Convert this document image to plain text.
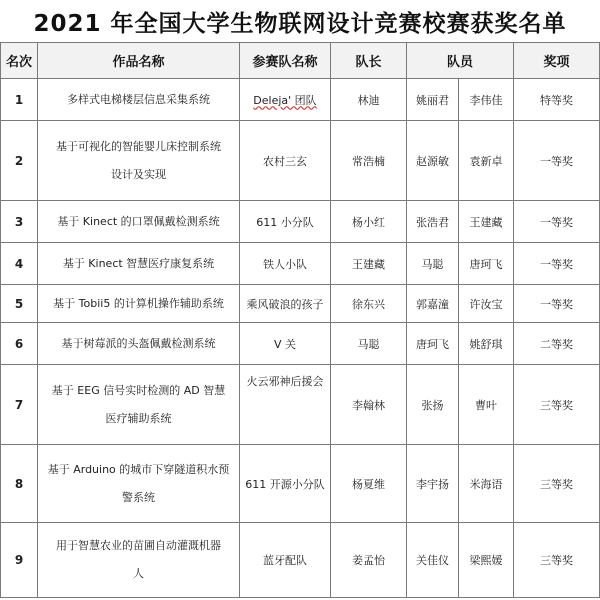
2021 年全国大学生物联网设计竞赛校赛获奖名单
名次	作品名称	参赛队名称	队长	队员		奖项
1	多样式电梯楼层信息采集系统	Deleja' 团队	林迪	姚丽君	李伟佳	特等奖
2	基于可视化的智能婴儿床控制系统
设计及实现	农村三玄	常浩楠	赵源敏	袁新卓	一等奖
3	基于 Kinect 的口罩佩戴检测系统	611 小分队	杨小红	张浩君	王建藏	一等奖
4	基于 Kinect 智慧医疗康复系统	铁人小队	王建藏	马聪	唐珂飞	一等奖
5	基于 Tobii5 的计算机操作辅助系统	乘风破浪的孩子	徐东兴	郭嘉潼	许汝宝	一等奖
6	基于树莓派的头盔佩戴检测系统	V 关	马聪	唐珂飞	姚舒琪	二等奖
7	基于 EEG 信号实时检测的 AD 智慧
医疗辅助系统	火云邪神后援会	李翰林	张扬	曹叶	三等奖
8	基于 Arduino 的城市下穿隧道积水预
警系统	611 开源小分队	杨夏维	李宇扬	米海语	三等奖
9	用于智慧农业的苗圃自动灌溉机器
人	蓝牙配队	姜孟怡	关佳仪	梁熙媛	三等奖
